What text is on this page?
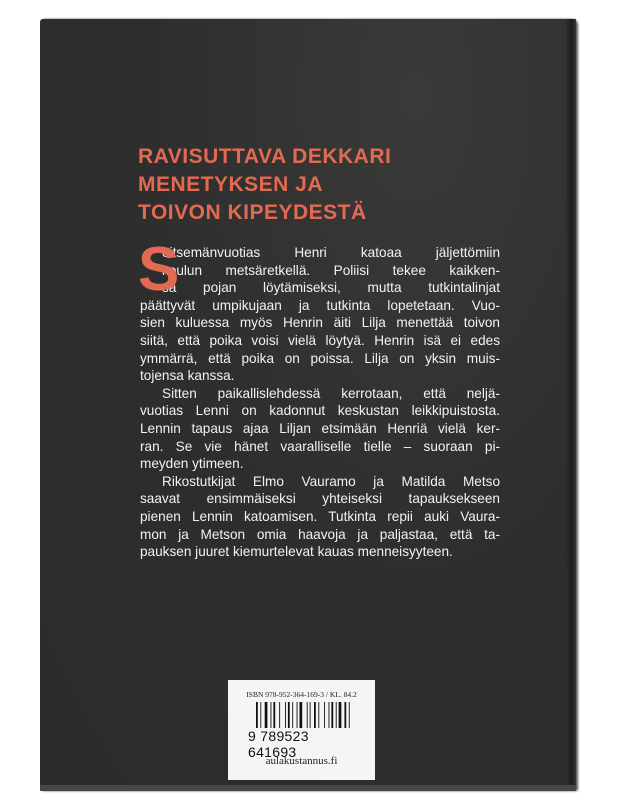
RAVISUTTAVA DEKKARI
MENETYKSEN JA
TOIVON KIPEYDESTÄ
S
eitsemänvuotias Henri katoaa jäljettömiin
koulun metsäretkellä. Poliisi tekee kaikken-
sa pojan löytämiseksi, mutta tutkintalinjat
päättyvät umpikujaan ja tutkinta lopetetaan. Vuo-
sien kuluessa myös Henrin äiti Lilja menettää toivon
siitä, että poika voisi vielä löytyä. Henrin isä ei edes
ymmärrä, että poika on poissa. Lilja on yksin muis-
tojensa kanssa.
Sitten paikallislehdessä kerrotaan, että neljä-
vuotias Lenni on kadonnut keskustan leikkipuistosta.
Lennin tapaus ajaa Liljan etsimään Henriä vielä ker-
ran. Se vie hänet vaaralliselle tielle – suoraan pi-
meyden ytimeen.
Rikostutkijat Elmo Vauramo ja Matilda Metso
saavat ensimmäiseksi yhteiseksi tapauksekseen
pienen Lennin katoamisen. Tutkinta repii auki Vaura-
mon ja Metson omia haavoja ja paljastaa, että ta-
pauksen juuret kiemurtelevat kauas menneisyyteen.
ISBN 978-952-364-169-3 / KL. 84.2
9 789523 641693
aulakustannus.fi
